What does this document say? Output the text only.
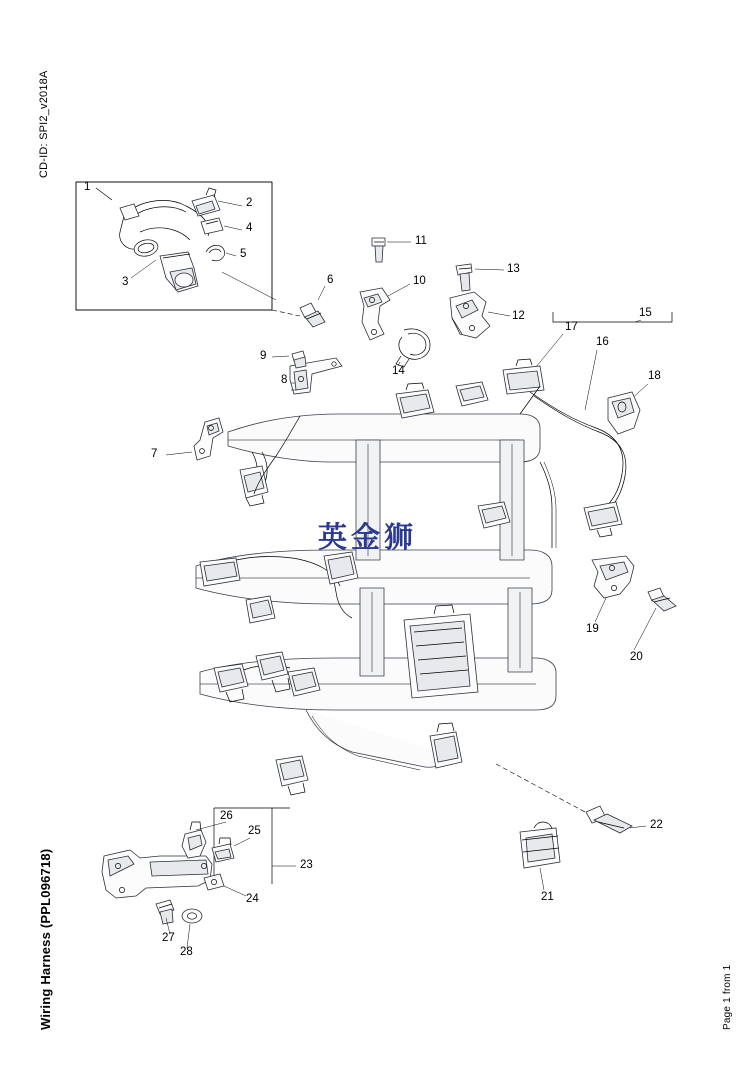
CD-ID: SPI2_v2018A
Wiring Harness (PPL096718)	Page 1 from 1
1
2
3
4
5
6
7
8
9
10
11
12
13
14
15
16
17
18
19
20
21
22
23
24
25
26
27
28
英金狮
